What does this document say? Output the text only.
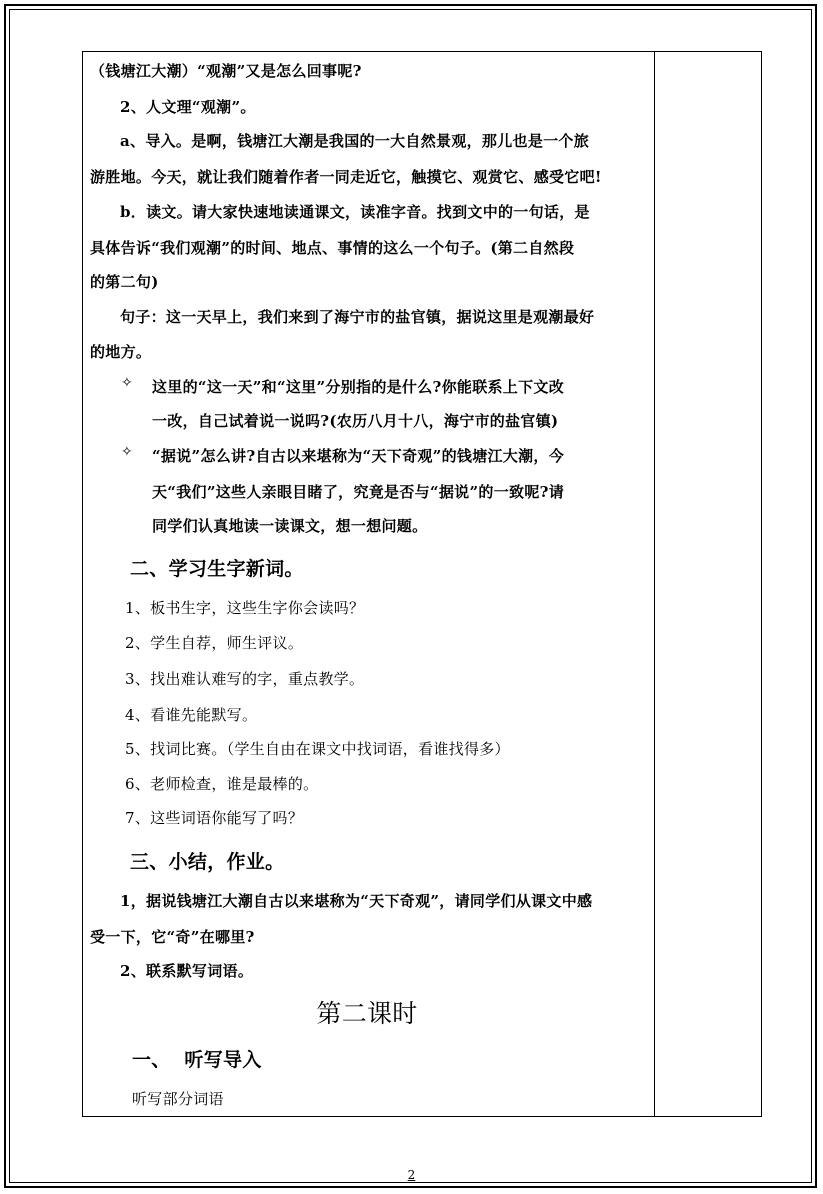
（钱塘江大潮）“观潮”又是怎么回事呢?
2、人文理“观潮”。
a、导入。是啊，钱塘江大潮是我国的一大自然景观，那儿也是一个旅
游胜地。今天，就让我们随着作者一同走近它，触摸它、观赏它、感受它吧!
b．读文。请大家快速地读通课文，读准字音。找到文中的一句话，是
具体告诉“我们观潮”的时间、地点、事情的这么一个句子。(第二自然段
的第二句)
句子：这一天早上，我们来到了海宁市的盐官镇，据说这里是观潮最好
的地方。
✧ 这里的“这一天”和“这里”分别指的是什么?你能联系上下文改
一改，自己试着说一说吗?(农历八月十八，海宁市的盐官镇)
✧ “据说”怎么讲?自古以来堪称为“天下奇观”的钱塘江大潮，今
天“我们”这些人亲眼目睹了，究竟是否与“据说”的一致呢?请
同学们认真地读一读课文，想一想问题。
二、学习生字新词。
1、板书生字，这些生字你会读吗？
2、学生自荐，师生评议。
3、找出难认难写的字，重点教学。
4、看谁先能默写。
5、找词比赛。（学生自由在课文中找词语，看谁找得多）
6、老师检查，谁是最棒的。
7、这些词语你能写了吗？
三、小结，作业。
1，据说钱塘江大潮自古以来堪称为“天下奇观”，请同学们从课文中感
受一下，它“奇”在哪里?
2、联系默写词语。
第二课时
一、  听写导入
听写部分词语
2
